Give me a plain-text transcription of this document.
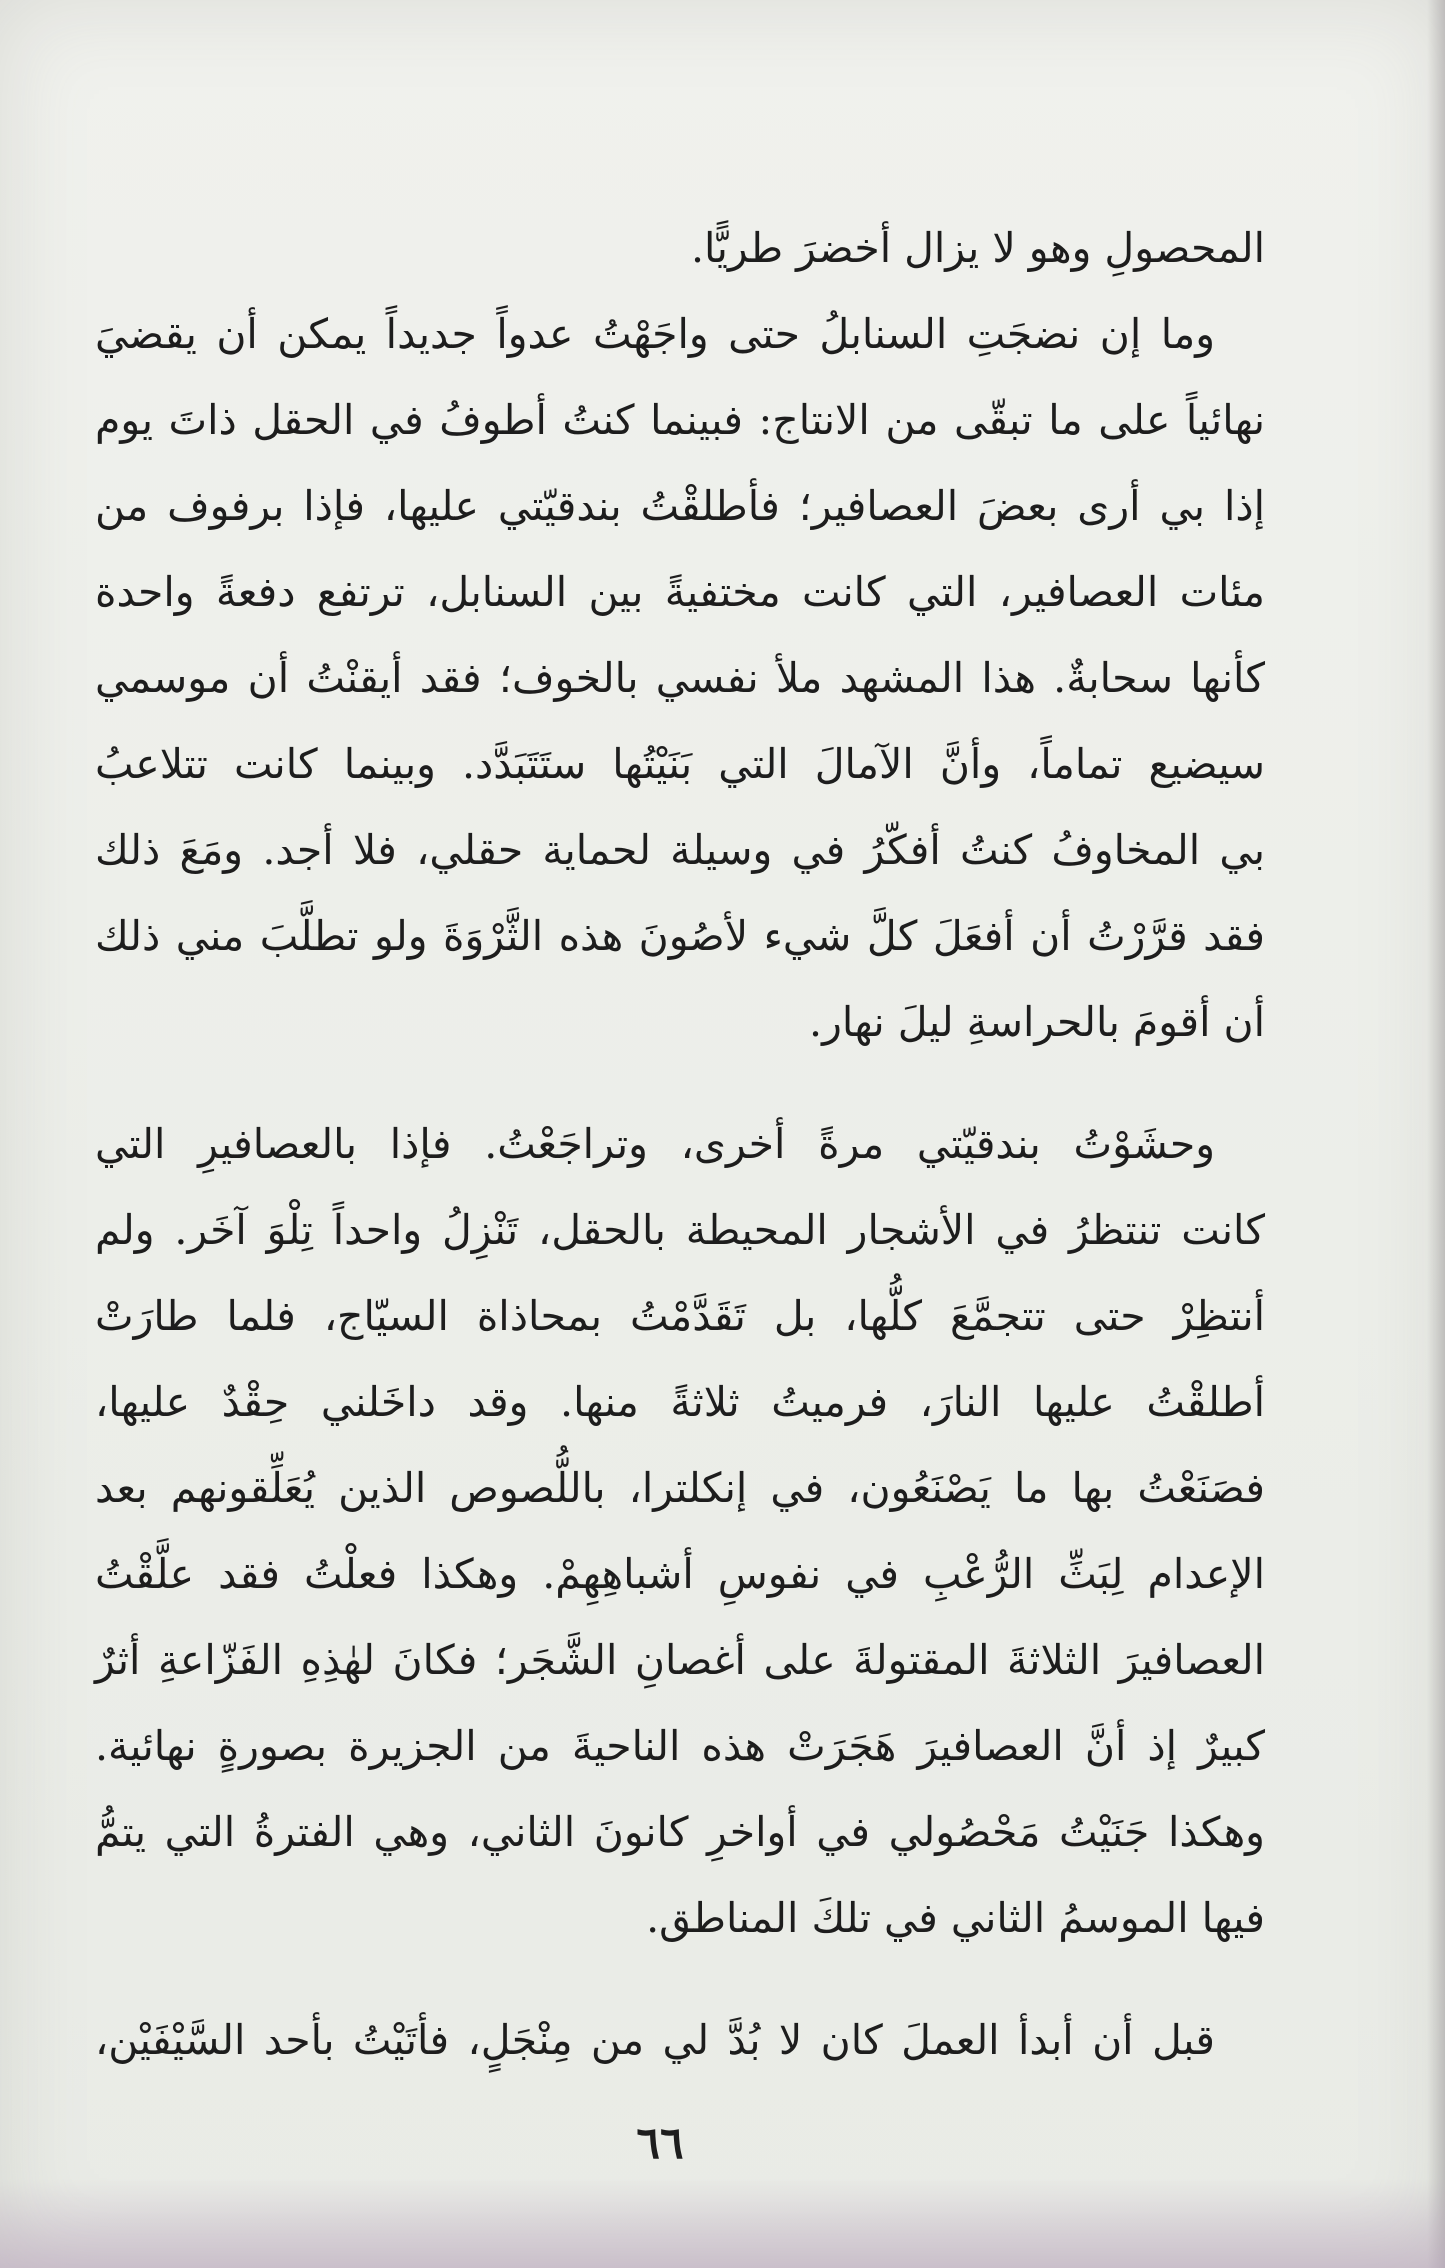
المحصولِ وهو لا يزال أخضرَ طريًّا.
وما إن نضجَتِ السنابلُ حتى واجَهْتُ عدواً جديداً يمكن أن يقضيَ
نهائياً على ما تبقّى من الانتاج: فبينما كنتُ أطوفُ في الحقل ذاتَ يوم
إذا بي أرى بعضَ العصافير؛ فأطلقْتُ بندقيّتي عليها، فإذا برفوف من
مئات العصافير، التي كانت مختفيةً بين السنابل، ترتفع دفعةً واحدة
كأنها سحابةٌ. هذا المشهد ملأ نفسي بالخوف؛ فقد أيقنْتُ أن موسمي
سيضيع تماماً، وأنَّ الآمالَ التي بَنَيْتُها ستَتَبَدَّد. وبينما كانت تتلاعبُ
بي المخاوفُ كنتُ أفكّرُ في وسيلة لحماية حقلي، فلا أجد. ومَعَ ذلك
فقد قرَّرْتُ أن أفعَلَ كلَّ شيء لأصُونَ هذه الثَّرْوَةَ ولو تطلَّبَ مني ذلك
أن أقومَ بالحراسةِ ليلَ نهار.
وحشَوْتُ بندقيّتي مرةً أخرى، وتراجَعْتُ. فإذا بالعصافيرِ التي
كانت تنتظرُ في الأشجار المحيطة بالحقل، تَنْزِلُ واحداً تِلْوَ آخَر. ولم
أنتظِرْ حتى تتجمَّعَ كلُّها، بل تَقَدَّمْتُ بمحاذاة السيّاج، فلما طارَتْ
أطلقْتُ عليها النارَ، فرميتُ ثلاثةً منها. وقد داخَلني حِقْدٌ عليها،
فصَنَعْتُ بها ما يَصْنَعُون، في إنكلترا، باللُّصوص الذين يُعَلِّقونهم بعد
الإعدام لِبَثِّ الرُّعْبِ في نفوسِ أشباهِهِمْ. وهكذا فعلْتُ فقد علَّقْتُ
العصافيرَ الثلاثةَ المقتولةَ على أغصانِ الشَّجَر؛ فكانَ لهٰذِهِ الفَزّاعةِ أثرٌ
كبيرٌ إذ أنَّ العصافيرَ هَجَرَتْ هذه الناحيةَ من الجزيرة بصورةٍ نهائية.
وهكذا جَنَيْتُ مَحْصُولي في أواخرِ كانونَ الثاني، وهي الفترةُ التي يتمُّ
فيها الموسمُ الثاني في تلكَ المناطق.
قبل أن أبدأ العملَ كان لا بُدَّ لي من مِنْجَلٍ، فأتَيْتُ بأحد السَّيْفَيْن،
٦٦
